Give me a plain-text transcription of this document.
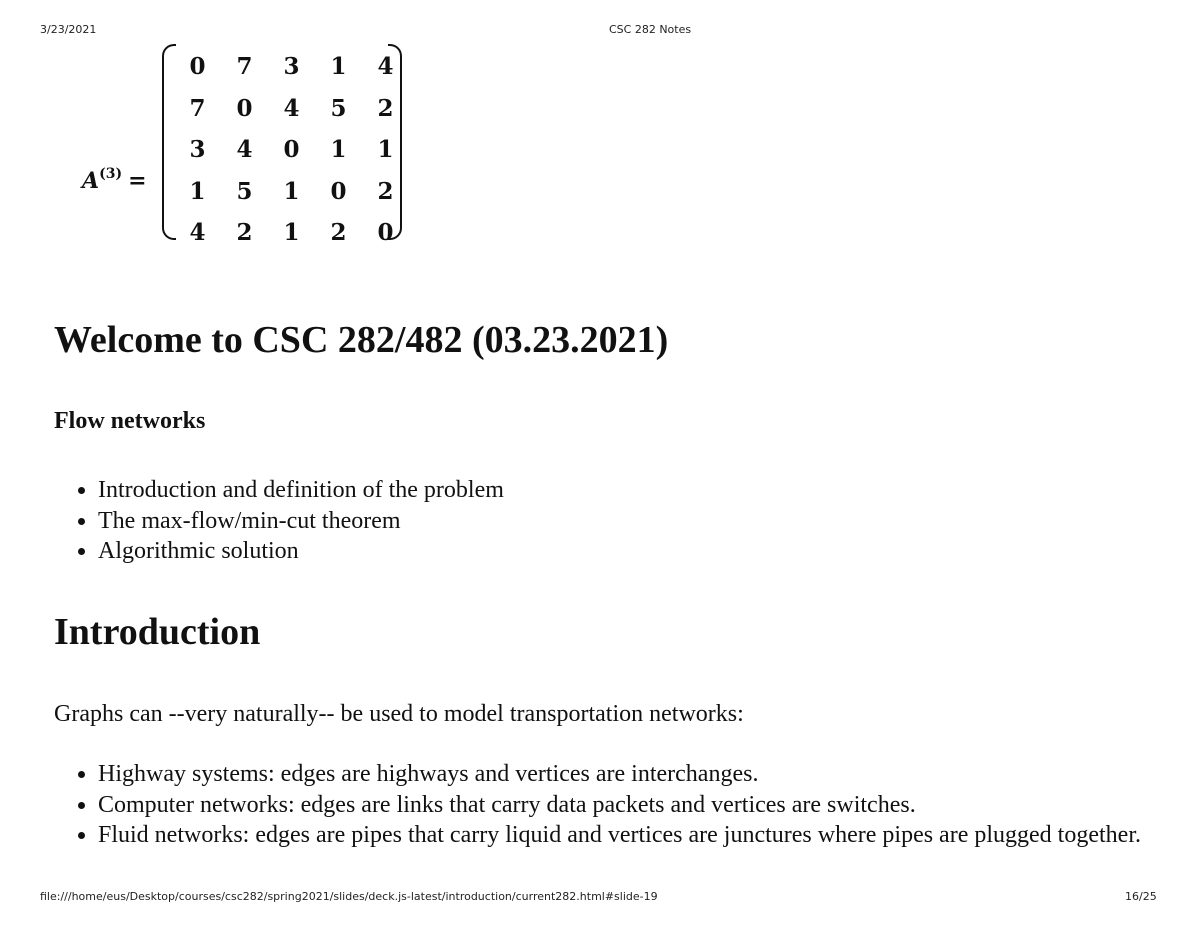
3/23/2021	CSC 282 Notes
$A^{(3)}$ =
0	7	3	1	4
7	0	4	5	2
3	4	0	1	1
1	5	1	0	2
4	2	1	2	0
Welcome to CSC 282/482 (03.23.2021)
Flow networks
• Introduction and definition of the problem
• The max-flow/min-cut theorem
• Algorithmic solution
Introduction
Graphs can --very naturally-- be used to model transportation networks:
• Highway systems: edges are highways and vertices are interchanges.
• Computer networks: edges are links that carry data packets and vertices are switches.
• Fluid networks: edges are pipes that carry liquid and vertices are junctures where pipes are plugged together.
file:///home/eus/Desktop/courses/csc282/spring2021/slides/deck.js-latest/introduction/current282.html#slide-19	16/25
